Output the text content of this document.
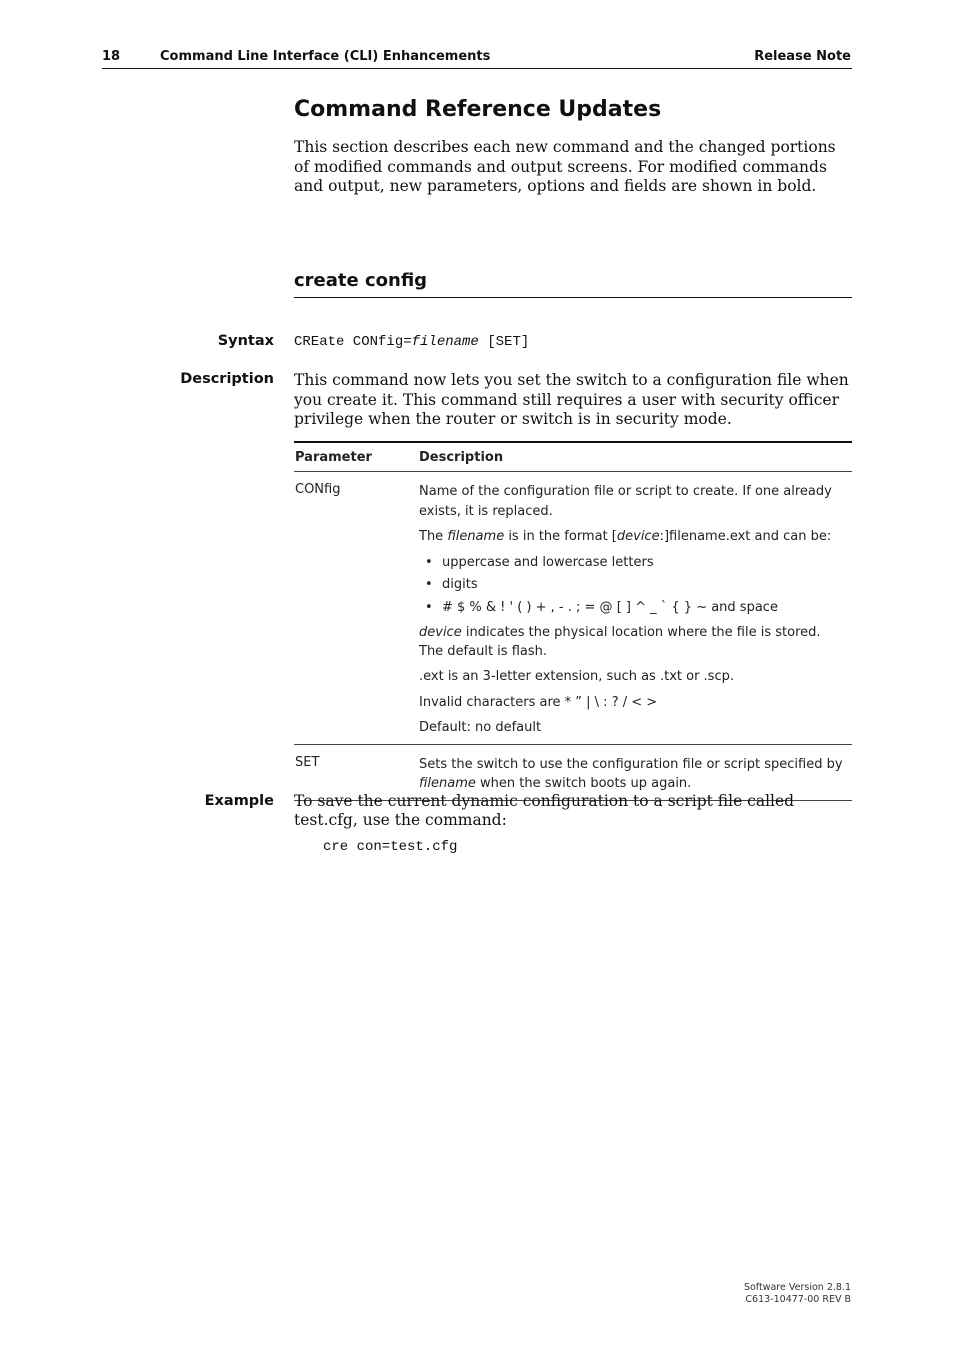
18	Command Line Interface (CLI) Enhancements	Release Note
Command Reference Updates
This section describes each new command and the changed portions of modified commands and output screens. For modified commands and output, new parameters, options and fields are shown in bold.
create config
Syntax CREate CONfig=filename [SET]
Description This command now lets you set the switch to a configuration file when you create it. This command still requires a user with security officer privilege when the router or switch is in security mode.
Parameter	Description
CONfig	Name of the configuration file or script to create. If one already exists, it is replaced.

The filename is in the format [device:]filename.ext and can be:

• uppercase and lowercase letters
• digits
• # $ % & ! ' ( ) + , - . ; = @ [ ] ^ _ ` { } ~ and space

device indicates the physical location where the file is stored. The default is flash.

.ext is an 3-letter extension, such as .txt or .scp.

Invalid characters are * ” | \ : ? / < >

Default: no default

SET	Sets the switch to use the configuration file or script specified by filename when the switch boots up again.

Example To save the current dynamic configuration to a script file called test.cfg, use the command:
cre con=test.cfg
Software Version 2.8.1
C613-10477-00 REV B
